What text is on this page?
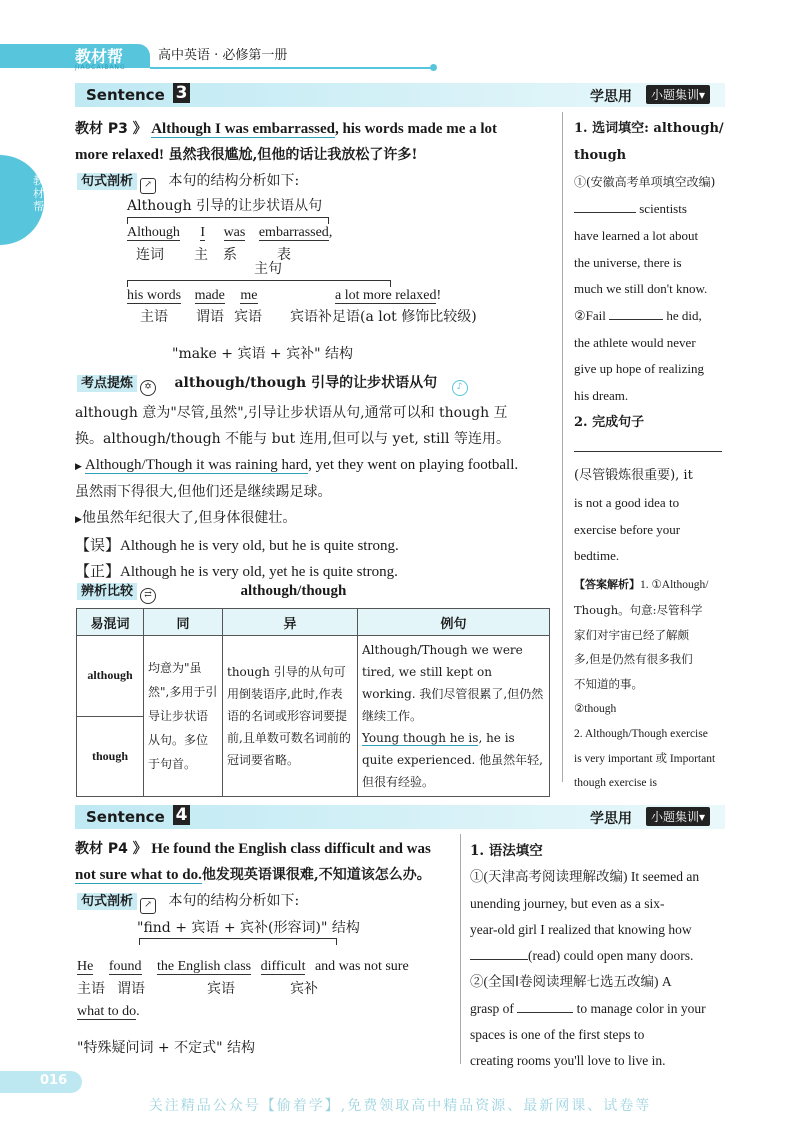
教材帮
JIAOCAIBANG
高中英语 · 必修第一册
教材帮
Sentence 3	学思用	小题集训▾
教材 P3 》 Although I was embarrassed, his words made me a lot
more relaxed! 虽然我很尴尬,但他的话让我放松了许多!
句式剖析 ↗ 本句的结构分析如下:
Although 引导的让步状语从句
Although I was embarrassed,
连词 主 系	表
主句
his words made me	a lot more relaxed!
主语 谓语 宾语 宾语补足语(a lot 修饰比较级)
"make + 宾语 + 宾补" 结构
考点提炼 ✡ although/though 引导的让步状语从句 ♪
although 意为"尽管,虽然",引导让步状语从句,通常可以和 though 互
换。although/though 不能与 but 连用,但可以与 yet, still 等连用。
▶ Although/Though it was raining hard, yet they went on playing football.
虽然雨下得很大,但他们还是继续踢足球。
▶他虽然年纪很大了,但身体很健壮。
【误】Although he is very old, but he is quite strong.
【正】Although he is very old, yet he is quite strong.
辨析比较 ⇄	although/though
易混词	同	异	例句
although	均意为"虽然",多用于引导让步状语从句。多位于句首。	though 引导的从句可用倒装语序,此时,作表语的名词或形容词要提前,且单数可数名词前的冠词要省略。	Although/Though we were tired, we still kept on working. 我们尽管很累了,但仍然继续工作。
Young though he is, he is quite experienced. 他虽然年轻,但很有经验。

though			
1. 选词填空: although/
though
①(安徽高考单项填空改编)
scientists
have learned a lot about
the universe, there is
much we still don't know.
②Fail	he did,
the athlete would never
give up hope of realizing
his dream.
2. 完成句子
(尽管锻炼很重要), it
is not a good idea to
exercise before your
bedtime.
【答案解析】1. ①Although/
Though。句意:尽管科学
家们对宇宙已经了解颇
多,但是仍然有很多我们
不知道的事。
②though
2. Although/Though exercise
is very important 或 Important
though exercise is
Sentence 4	学思用	小题集训▾
教材 P4 》 He found the English class difficult and was
not sure what to do.他发现英语课很难,不知道该怎么办。
句式剖析 ↗ 本句的结构分析如下:
"find + 宾语 + 宾补(形容词)" 结构
He found the English class difficult and was not sure
主语 谓语	宾语	宾补
what to do.
"特殊疑问词 + 不定式" 结构
1. 语法填空
①(天津高考阅读理解改编) It seemed an
unending journey, but even as a six-
year-old girl I realized that knowing how
(read) could open many doors.
②(全国Ⅰ卷阅读理解七选五改编) A
grasp of	to manage color in your
spaces is one of the first steps to
creating rooms you'll love to live in.
016
关注精品公众号【偷着学】,免费领取高中精品资源、最新网课、试卷等
